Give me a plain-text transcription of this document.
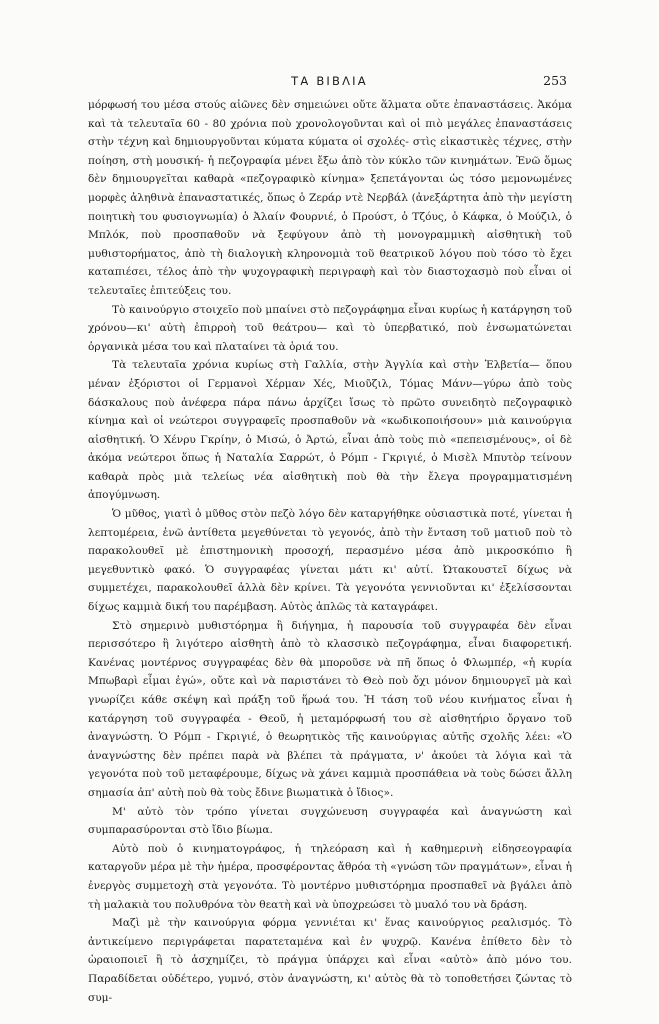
ΤΑ ΒΙΒΛΙΑ	253

μόρφωσή του μέσα στούς αἰῶνες δὲν σημειώνει οὔτε ἅλματα οὔτε ἐπαναστάσεις. Ἀκόμα καὶ τὰ τελευταῖα 60 - 80 χρόνια ποὺ χρονολογοῦνται καὶ οἱ πιὸ μεγάλες ἐπαναστάσεις στὴν τέχνη καὶ δημιουργοῦνται κύματα κύματα οἱ σχολές- στὶς εἰκαστικὲς τέχνες, στὴν ποίηση, στὴ μουσική- ἡ πεζογραφία μένει ἔξω ἀπὸ τὸν κύκλο τῶν κινημάτων. Ἐνῶ ὅμως δὲν δημιουργεῖται καθαρὰ «πεζογραφικὸ κίνημα» ξεπετάγονται ὡς τόσο μεμονωμένες μορφὲς ἀληθινὰ ἐπαναστατικές, ὅπως ὁ Ζεράρ ντὲ Νερβάλ (ἀνεξάρτητα ἀπὸ τὴν μεγίστη ποιητικὴ του φυσιογνωμία) ὁ Ἀλαίν Φουρνιέ, ὁ Προύστ, ὁ Τζόυς, ὁ Κάφκα, ὁ Μούζιλ, ὁ Μπλόκ, ποὺ προσπαθοῦν νὰ ξεφύγουν ἀπὸ τὴ μονογραμμικὴ αἰσθητικὴ τοῦ μυθιστορήματος, ἀπὸ τὴ διαλογικὴ κληρονομιὰ τοῦ θεατρικοῦ λόγου ποὺ τόσο τὸ ἔχει καταπιέσει, τέλος ἀπὸ τὴν ψυχογραφικὴ περιγραφὴ καὶ τὸν διαστοχασμὸ ποὺ εἶναι οἱ τελευταῖες ἐπιτεύξεις του.

Τὸ καινούργιο στοιχεῖο ποὺ μπαίνει στὸ πεζογράφημα εἶναι κυρίως ἡ κατάργηση τοῦ χρόνου—κι' αὐτὴ ἐπιρροὴ τοῦ θεάτρου— καὶ τὸ ὑπερβατικό, ποὺ ἐνσωματώνεται ὀργανικὰ μέσα του καὶ πλαταίνει τὰ ὁριά του.

Τὰ τελευταῖα χρόνια κυρίως στὴ Γαλλία, στὴν Ἀγγλία καὶ στὴν Ἐλβετία— ὅπου μέναν ἐξόριστοι οἱ Γερμανοὶ Χέρμαν Χές, Μιοῦζιλ, Τόμας Μάνν—γύρω ἀπὸ τοὺς δάσκαλους ποὺ ἀνέφερα πάρα πάνω ἀρχίζει ἴσως τὸ πρῶτο συνειδητὸ πεζογραφικὸ κίνημα καὶ οἱ νεώτεροι συγγραφεῖς προσπαθοῦν νὰ «κωδικοποιήσουν» μιὰ καινούργια αἰσθητική. Ὁ Χένρυ Γκρίην, ὁ Μισώ, ὁ Ἀρτώ, εἶναι ἀπὸ τοὺς πιὸ «πεπεισμένους», οἱ δὲ ἀκόμα νεώτεροι ὅπως ἡ Ναταλία Σαρρώτ, ὁ Ρόμπ - Γκριγιέ, ὁ Μισὲλ Μπυτὸρ τείνουν καθαρὰ πρὸς μιὰ τελείως νέα αἰσθητικὴ ποὺ θὰ τὴν ἔλεγα προγραμματισμένη ἀπογύμνωση.

Ὁ μῦθος, γιατὶ ὁ μῦθος στὸν πεζὸ λόγο δὲν καταργήθηκε οὐσιαστικὰ ποτέ, γίνεται ἡ λεπτομέρεια, ἐνῶ ἀντίθετα μεγεθύνεται τὸ γεγονός, ἀπὸ τὴν ἔνταση τοῦ ματιοῦ ποὺ τὸ παρακολουθεῖ μὲ ἐπιστημονικὴ προσοχή, περασμένο μέσα ἀπὸ μικροσκόπιο ἢ μεγεθυντικὸ φακό. Ὁ συγγραφέας γίνεται μάτι κι' αὐτί. Ὠτακουστεῖ δίχως νὰ συμμετέχει, παρακολουθεῖ ἀλλὰ δὲν κρίνει. Τὰ γεγονότα γεννιοῦνται κι' ἐξελίσσονται δίχως καμμιὰ δική του παρέμβαση. Αὐτὸς ἁπλῶς τὰ καταγράφει.

Στὸ σημερινὸ μυθιστόρημα ἢ διήγημα, ἡ παρουσία τοῦ συγγραφέα δὲν εἶναι περισσότερο ἢ λιγότερο αἰσθητὴ ἀπὸ τὸ κλασσικὸ πεζογράφημα, εἶναι διαφορετική. Κανένας μοντέρνος συγγραφέας δὲν θὰ μποροῦσε νὰ πῆ ὅπως ὁ Φλωμπέρ, «ἡ κυρία Μπωβαρὶ εἶμαι ἐγώ», οὔτε καὶ νὰ παριστάνει τὸ Θεὸ ποὺ ὄχι μόνον δημιουργεῖ μὰ καὶ γνωρίζει κάθε σκέψη καὶ πράξη τοῦ ἥρωά του. Ἡ τάση τοῦ νέου κινήματος εἶναι ἡ κατάργηση τοῦ συγγραφέα - Θεοῦ, ἡ μεταμόρφωσή του σὲ αἰσθητήριο ὄργανο τοῦ ἀναγνώστη. Ὁ Ρόμπ - Γκριγιέ, ὁ θεωρητικὸς τῆς καινούργιας αὐτῆς σχολῆς λέει: «Ὁ ἀναγνώστης δὲν πρέπει παρὰ νὰ βλέπει τὰ πράγματα, ν' ἀκούει τὰ λόγια καὶ τὰ γεγονότα ποὺ τοῦ μεταφέρουμε, δίχως νὰ χάνει καμμιὰ προσπάθεια νὰ τοὺς δώσει ἄλλη σημασία ἀπ' αὐτὴ ποὺ θὰ τοὺς ἔδινε βιωματικὰ ὁ ἴδιος».

Μ' αὐτὸ τὸν τρόπο γίνεται συγχώνευση συγγραφέα καὶ ἀναγνώστη καὶ συμπαρασύρονται στὸ ἴδιο βίωμα.

Αὐτὸ ποὺ ὁ κινηματογράφος, ἡ τηλεόραση καὶ ἡ καθημερινὴ εἰδησεογραφία καταργοῦν μέρα μὲ τὴν ἡμέρα, προσφέροντας ἄθρόα τὴ «γνώση τῶν πραγμάτων», εἶναι ἡ ἐνεργὸς συμμετοχὴ στὰ γεγονότα. Τὸ μοντέρνο μυθιστόρημα προσπαθεῖ νὰ βγάλει ἀπὸ τὴ μαλακιὰ του πολυθρόνα τὸν θεατὴ καὶ νὰ ὑποχρεώσει τὸ μυαλό του νὰ δράση.

Μαζὶ μὲ τὴν καινούργια φόρμα γεννιέται κι' ἕνας καινούργιος ρεαλισμός. Τὸ ἀντικείμενο περιγράφεται παρατεταμένα καὶ ἐν ψυχρῷ. Κανένα ἐπίθετο δὲν τὸ ὡραιοποιεῖ ἢ τὸ ἀσχημίζει, τὸ πράγμα ὑπάρχει καὶ εἶναι «αὐτὸ» ἀπὸ μόνο του. Παραδίδεται οὐδέτερο, γυμνό, στὸν ἀναγνώστη, κι' αὐτὸς θὰ τὸ τοποθετήσει ζώντας τὸ συμ-
